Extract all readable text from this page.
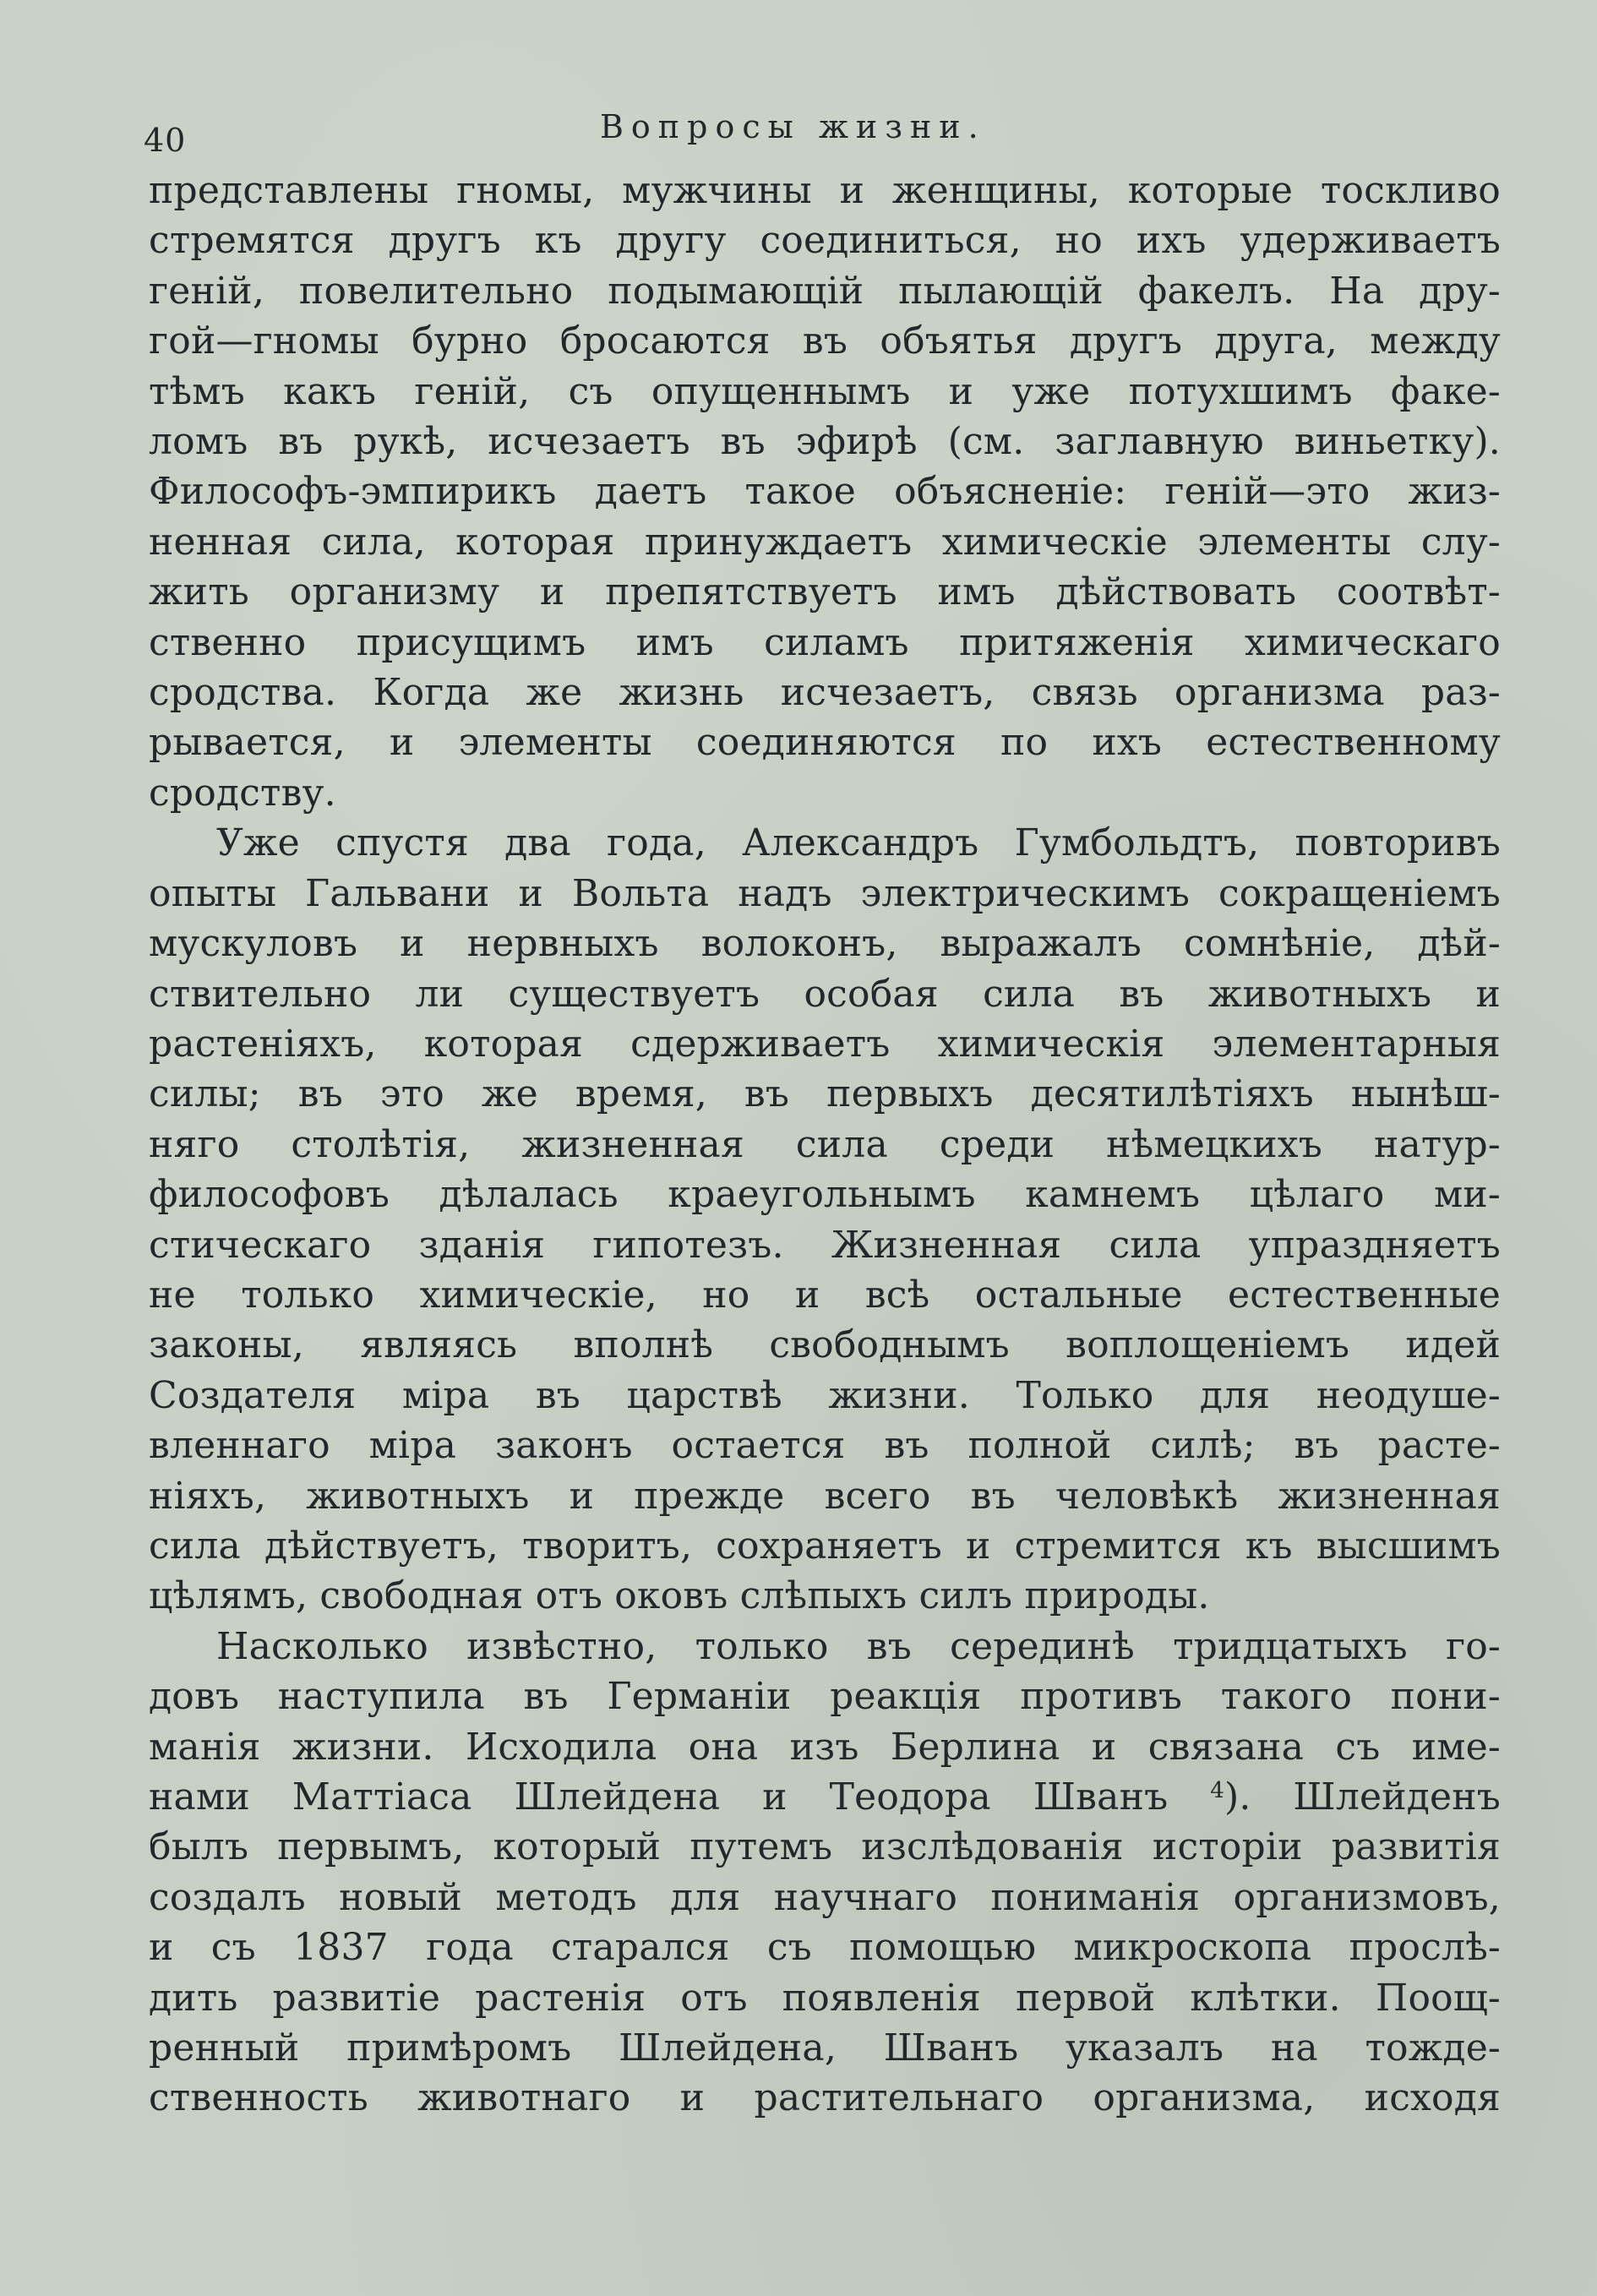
40	Вопросы жизни.

представлены гномы, мужчины и женщины, которые тоскливо
стремятся другъ къ другу соединиться, но ихъ удерживаетъ
генiй, повелительно подымающiй пылающiй факелъ. На дру-
гой—гномы бурно бросаются въ объятья другъ друга, между
тѣмъ какъ генiй, съ опущеннымъ и уже потухшимъ факе-
ломъ въ рукѣ, исчезаетъ въ эфирѣ (см. заглавную виньетку).
Философъ-эмпирикъ даетъ такое объясненiе: генiй—это жиз-
ненная сила, которая принуждаетъ химическiе элементы слу-
жить организму и препятствуетъ имъ дѣйствовать соотвѣт-
ственно присущимъ имъ силамъ притяженiя химическаго
сродства. Когда же жизнь исчезаетъ, связь организма раз-
рывается, и элементы соединяются по ихъ естественному
сродству.

Уже спустя два года, Александръ Гумбольдтъ, повторивъ
опыты Гальвани и Вольта надъ электрическимъ сокращенiемъ
мускуловъ и нервныхъ волоконъ, выражалъ сомнѣнiе, дѣй-
ствительно ли существуетъ особая сила въ животныхъ и
растенiяхъ, которая сдерживаетъ химическiя элементарныя
силы; въ это же время, въ первыхъ десятилѣтiяхъ нынѣш-
няго столѣтiя, жизненная сила среди нѣмецкихъ натур-
философовъ дѣлалась краеугольнымъ камнемъ цѣлаго ми-
стическаго зданiя гипотезъ. Жизненная сила упраздняетъ
не только химическiе, но и всѣ остальные естественные
законы, являясь вполнѣ свободнымъ воплощенiемъ идей
Создателя мiра въ царствѣ жизни. Только для неодуше-
вленнаго мiра законъ остается въ полной силѣ; въ расте-
нiяхъ, животныхъ и прежде всего въ человѣкѣ жизненная
сила дѣйствуетъ, творитъ, сохраняетъ и стремится къ высшимъ
цѣлямъ, свободная отъ оковъ слѣпыхъ силъ природы.

Насколько извѣстно, только въ серединѣ тридцатыхъ го-
довъ наступила въ Германiи реакцiя противъ такого пони-
манiя жизни. Исходила она изъ Берлина и связана съ име-
нами Маттiаса Шлейдена и Теодора Шванъ $^4$). Шлейденъ
былъ первымъ, который путемъ изслѣдованiя исторiи развитiя
создалъ новый методъ для научнаго пониманiя организмовъ,
и съ 1837 года старался съ помощью микроскопа прослѣ-
дить развитiе растенiя отъ появленiя первой клѣтки. Поощ-
ренный примѣромъ Шлейдена, Шванъ указалъ на тожде-
ственность животнаго и растительнаго организма, исходя
